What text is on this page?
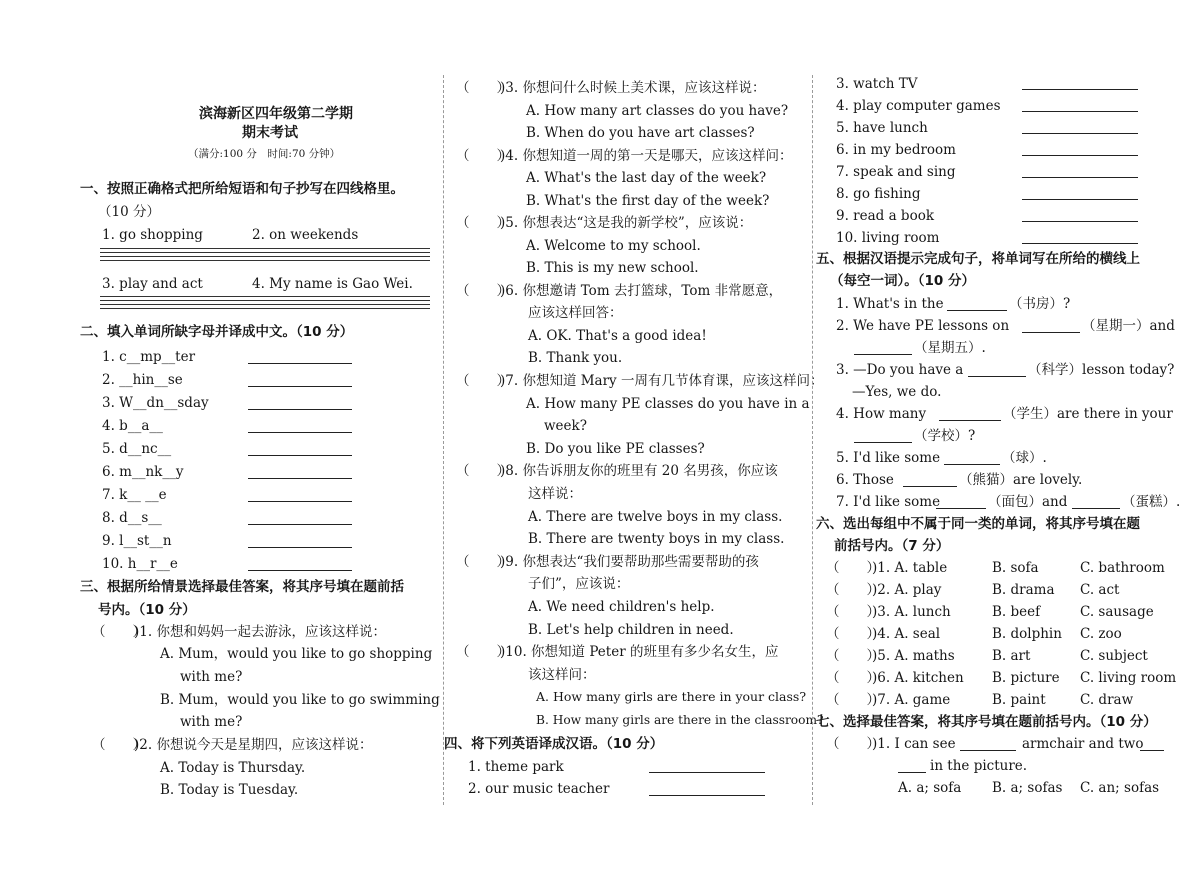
滨海新区四年级第二学期
期末考试
（满分:100 分　时间:70 分钟）
一、按照正确格式把所给短语和句子抄写在四线格里。
（10 分）
1. go shopping	2. on weekends
3. play and act	4. My name is Gao Wei.
二、填入单词所缺字母并译成中文。（10 分）
1. c__mp__ter
2. __hin__se
3. W__dn__sday
4. b__a__
5. d__nc__
6. m__nk__y
7. k__ __e
8. d__s__
9. l__st__n
10. h__r__e
三、根据所给情景选择最佳答案，将其序号填在题前括
号内。（10 分）
（　　）
)1. 你想和妈妈一起去游泳，应该这样说：
A. Mum，would you like to go shopping
with me?
B. Mum，would you like to go swimming
with me?
（　　）
)2. 你想说今天是星期四，应该这样说：
A. Today is Thursday.
B. Today is Tuesday.
（　　）
)3. 你想问什么时候上美术课，应该这样说：
A. How many art classes do you have?
B. When do you have art classes?
（　　）
)4. 你想知道一周的第一天是哪天，应该这样问：
A. What's the last day of the week?
B. What's the first day of the week?
（　　）
)5. 你想表达“这是我的新学校”，应该说：
A. Welcome to my school.
B. This is my new school.
（　　）
)6. 你想邀请 Tom 去打篮球，Tom 非常愿意，
应该这样回答：
A. OK. That's a good idea!
B. Thank you.
（　　）
)7. 你想知道 Mary 一周有几节体育课，应该这样问：
A. How many PE classes do you have in a
week?
B. Do you like PE classes?
（　　）
)8. 你告诉朋友你的班里有 20 名男孩，你应该
这样说：
A. There are twelve boys in my class.
B. There are twenty boys in my class.
（　　）
)9. 你想表达“我们要帮助那些需要帮助的孩
子们”，应该说：
A. We need children's help.
B. Let's help children in need.
（　　）
)10. 你想知道 Peter 的班里有多少名女生，应
该这样问：
A. How many girls are there in your class?
B. How many girls are there in the classroom?
四、将下列英语译成汉语。（10 分）
1. theme park
2. our music teacher
3. watch TV
4. play computer games
5. have lunch
6. in my bedroom
7. speak and sing
8. go fishing
9. read a book
10. living room
五、根据汉语提示完成句子，将单词写在所给的横线上
（每空一词）。（10 分）
1. What's in the	（书房）?
2. We have PE lessons on	（星期一）and
（星期五）.
3. —Do you have a	（科学）lesson today?
—Yes, we do.
4. How many	（学生）are there in your
（学校）?
5. I'd like some	（球）.
6. Those	（熊猫）are lovely.
7. I'd like some	（面包）and	（蛋糕）.
六、选出每组中不属于同一类的单词，将其序号填在题
前括号内。（7 分）
（　　）
)1. A. table	B. sofa	C. bathroom
（　　）
)2. A. play	B. drama C. act
（　　）
)3. A. lunch	B. beef	C. sausage
（　　）
)4. A. seal	B. dolphin C. zoo
（　　）
)5. A. maths	B. art	C. subject
（　　）
)6. A. kitchen B. picture C. living room
（　　）
)7. A. game	B. paint	C. draw
七、选择最佳答案，将其序号填在题前括号内。（10 分）
（　　）
)1. I can see	armchair and two
in the picture.
A. a; sofa B. a; sofas C. an; sofas
